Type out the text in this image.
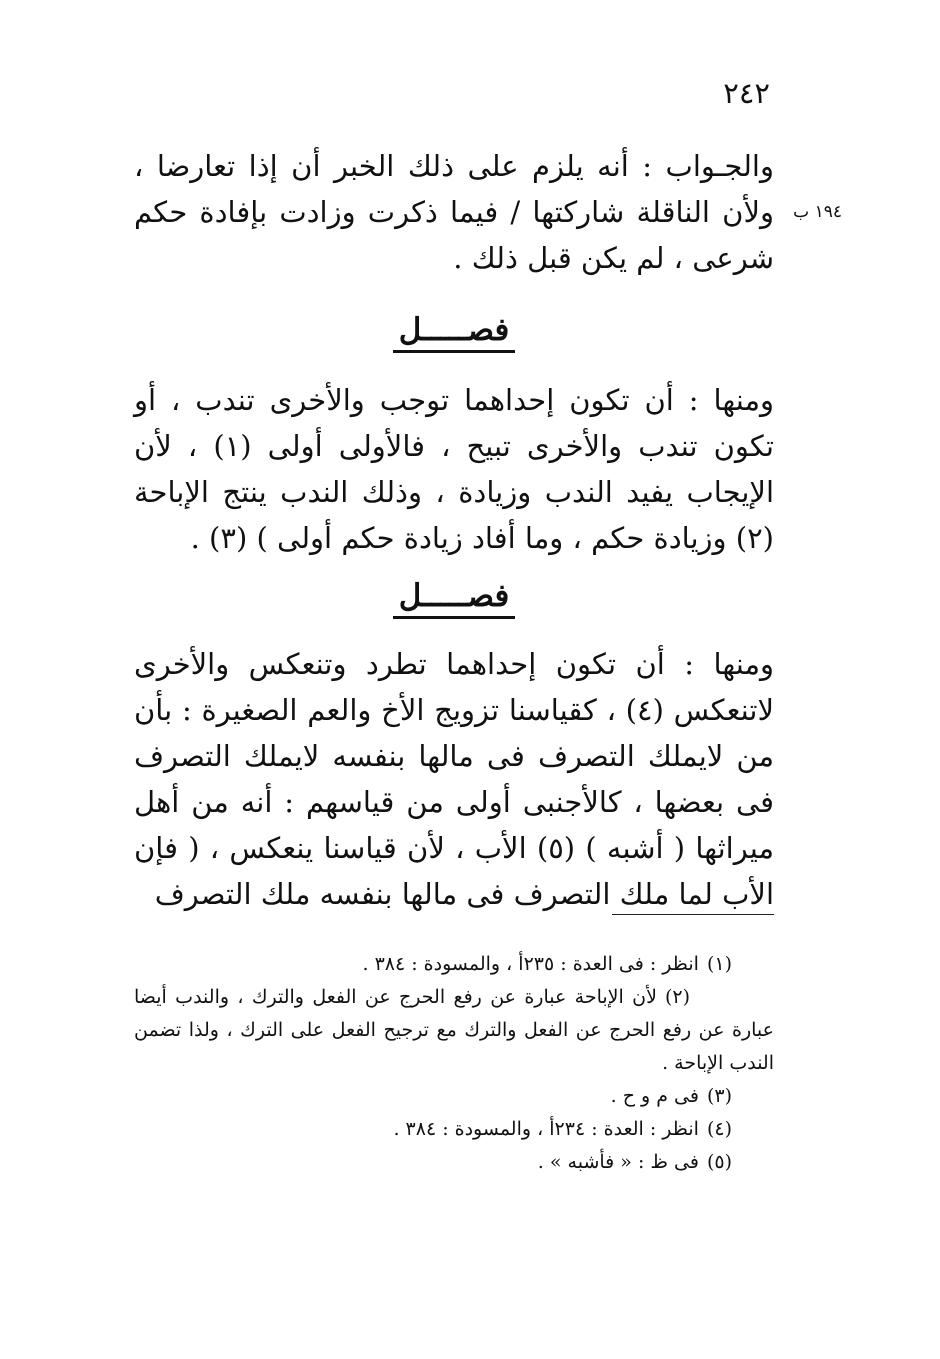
٢٤٢
١٩٤ ب

والجـواب : أنه يلزم على ذلك الخبر أن إذا تعارضا ، ولأن الناقلة شاركتها / فيما ذكرت وزادت بإفادة حكم شرعى ، لم يكن قبل ذلك .

فصـــــل

ومنها : أن تكون إحداهما توجب والأخرى تندب ، أو تكون تندب والأخرى تبيح ، فالأولى أولى (١) ، لأن الإيجاب يفيد الندب وزيادة ، وذلك الندب ينتج الإباحة (٢) وزيادة حكم ، وما أفاد زيادة حكم أولى ) (٣) .

فصـــــل

ومنها : أن تكون إحداهما تطرد وتنعكس والأخرى لاتنعكس (٤) ، كقياسنا تزويج الأخ والعم الصغيرة : بأن من لايملك التصرف فى مالها بنفسه لايملك التصرف فى بعضها ، كالأجنبى أولى من قياسهم : أنه من أهل ميراثها ( أشبه ) (٥) الأب ، لأن قياسنا ينعكس ، ( فإن الأب لما ملك التصرف فى مالها بنفسه ملك التصرف

(١)انظر : فى العدة : ٢٣٥أ ، والمسودة : ٣٨٤ .

(٢)لأن الإباحة عبارة عن رفع الحرج عن الفعل والترك ، والندب أيضا عبارة عن رفع الحرج عن الفعل والترك مع ترجيح الفعل على الترك ، ولذا تضمن الندب الإباحة .

(٣)فى م و ح .

(٤)انظر : العدة : ٢٣٤أ ، والمسودة : ٣٨٤ .

(٥)فى ظ : « فأشبه » .
